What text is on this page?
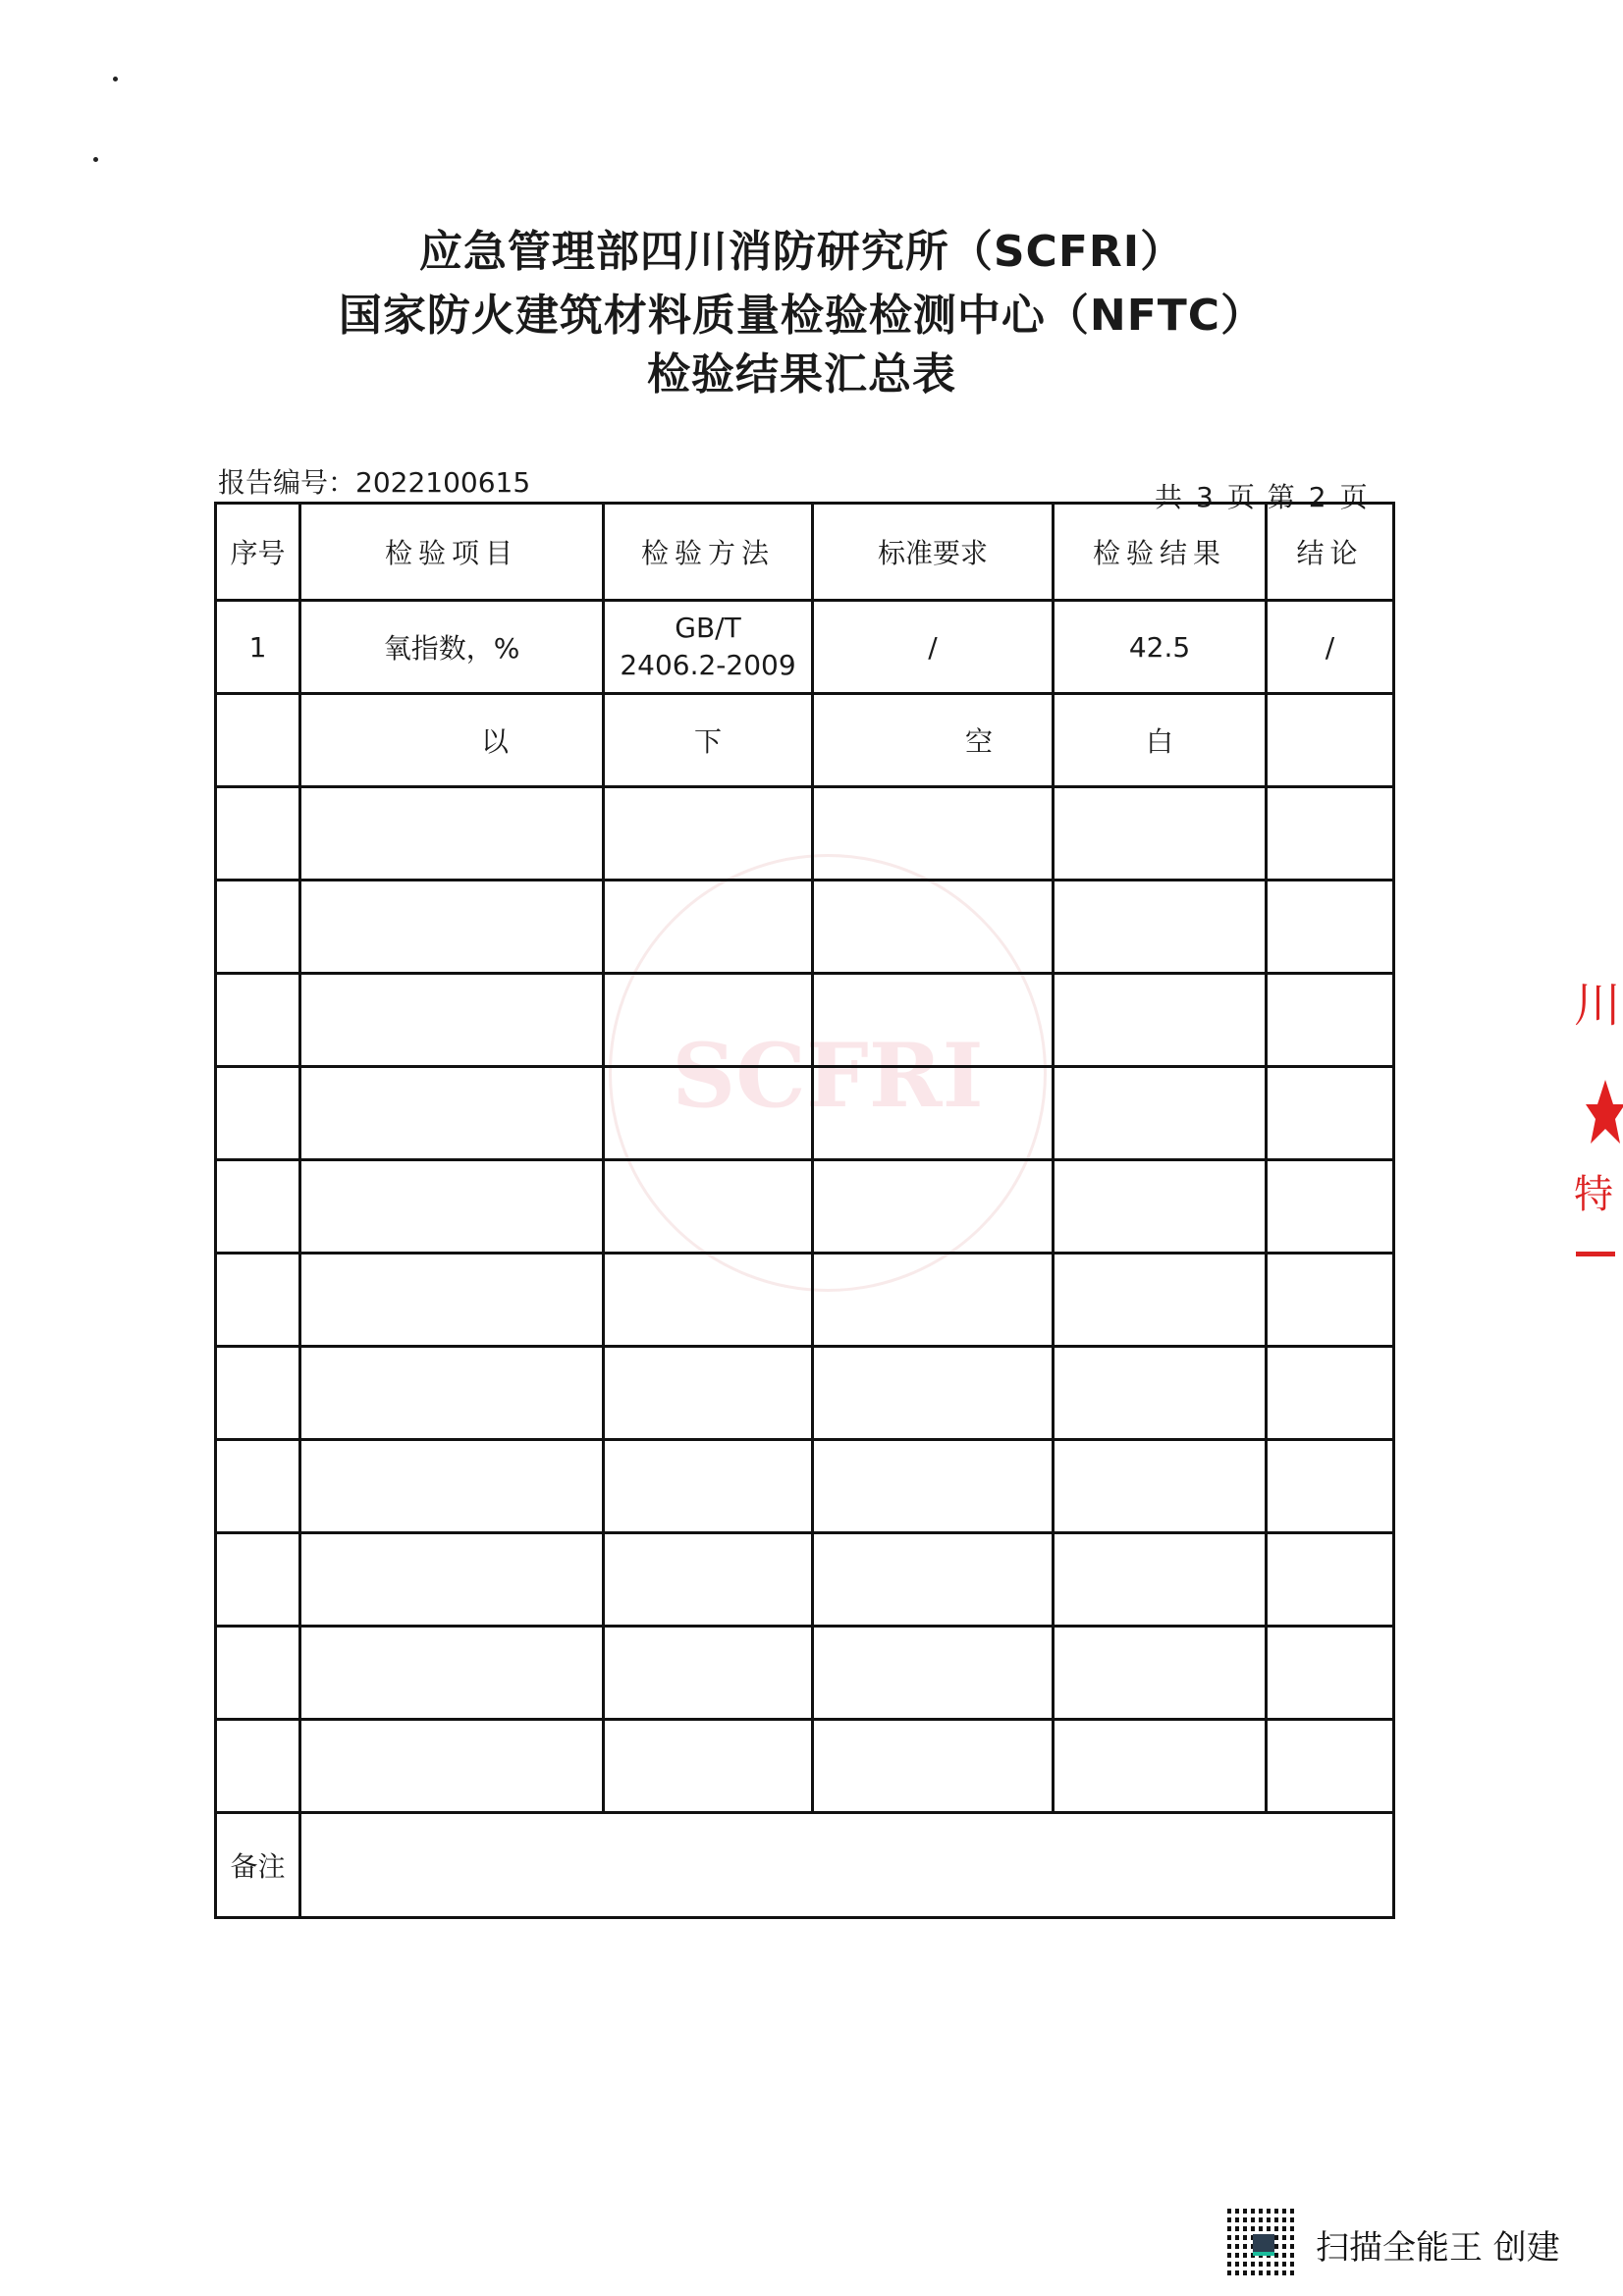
应急管理部四川消防研究所（SCFRI）
国家防火建筑材料质量检验检测中心（NFTC）
检验结果汇总表
报告编号：2022100615	共 3 页 第 2 页
SCFRI
川
特
序号	检验项目	检验方法	标准要求	检验结果	结论
1	氧指数，%	GB/T 2406.2-2009	/	42.5	/
	以	下	空	白	

备注					
扫描全能王 创建
